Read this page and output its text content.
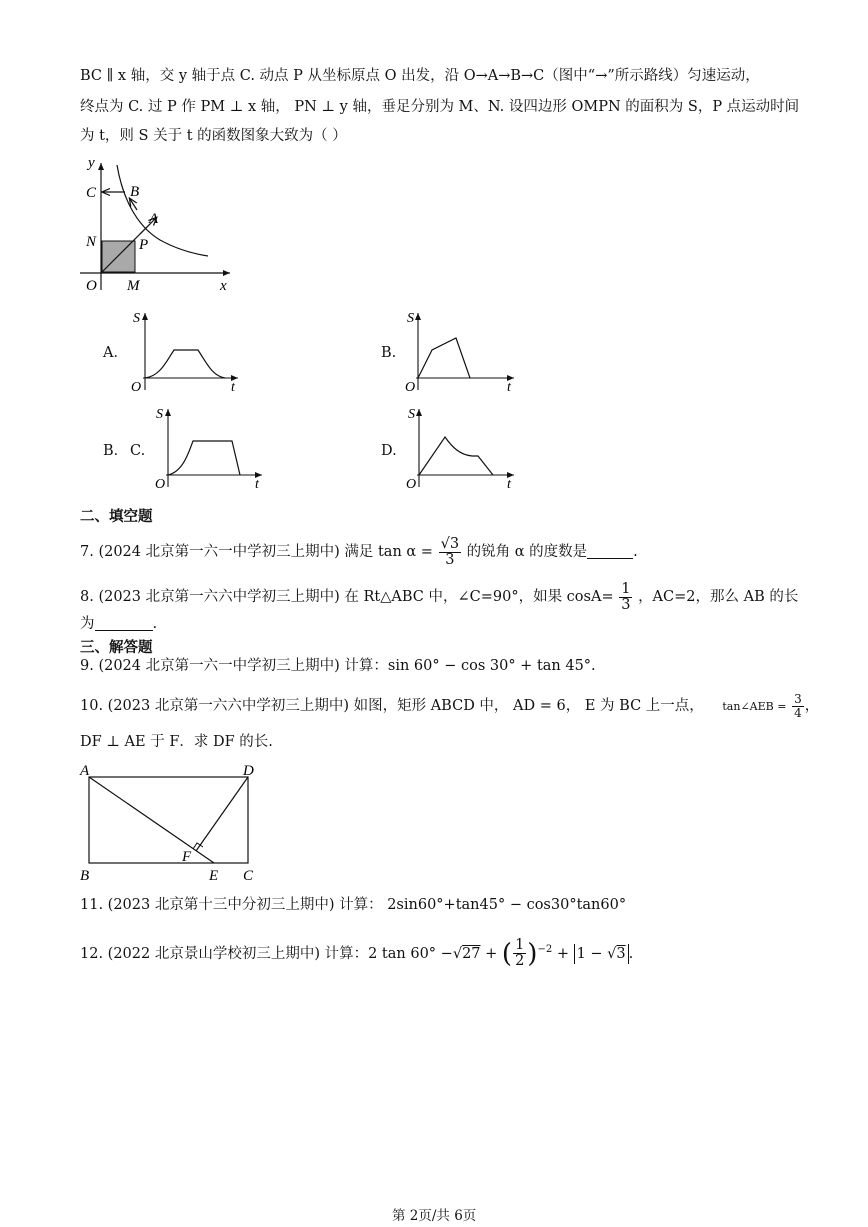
BC ∥ x 轴，交 y 轴于点 C. 动点 P 从坐标原点 O 出发，沿 O→A→B→C（图中“→”所示路线）匀速运动，
终点为 C. 过 P 作 PM ⊥ x 轴， PN ⊥ y 轴，垂足分别为 M、N. 设四边形 OMPN 的面积为 S，P 点运动时间
为 t，则 S 关于 t 的函数图象大致为（ ）
y
x
O M
N	P
A
B
C
A．
S
O	t
B.
S
O	t
B． C.
S
O	t
D.
S
O	t
二、填空题
7. (2024 北京第一六一中学初三上期中) 满足 $\tan \alpha = \frac{√3}{3}$ 的锐角 α 的度数是	.
8. (2023 北京第一六六中学初三上期中) 在 Rt△ABC 中，∠C=90°，如果 $\cos A= \frac{1}{3}$ ，AC=2，那么 AB 的长
为	.
三、解答题
9. (2024 北京第一六一中学初三上期中) 计算：sin 60° − cos 30° + tan 45°.
10. (2023 北京第一六六中学初三上期中) 如图，矩形 ABCD 中， AD = 6， E 为 BC 上一点， tan∠AEB = $\frac{3}{4}$ ，
DF ⊥ AE 于 F．求 DF 的长.
A	D
B	C
E
F
11. (2023 北京第十三中分初三上期中) 计算： 2sin60°+tan45° − cos30°tan60°
12. (2022 北京景山学校初三上期中) 计算：2 tan 60° −√27 + ( $\frac{1}{2} )^{-2} + 1 - √3$ .
第 2页/共 6页
